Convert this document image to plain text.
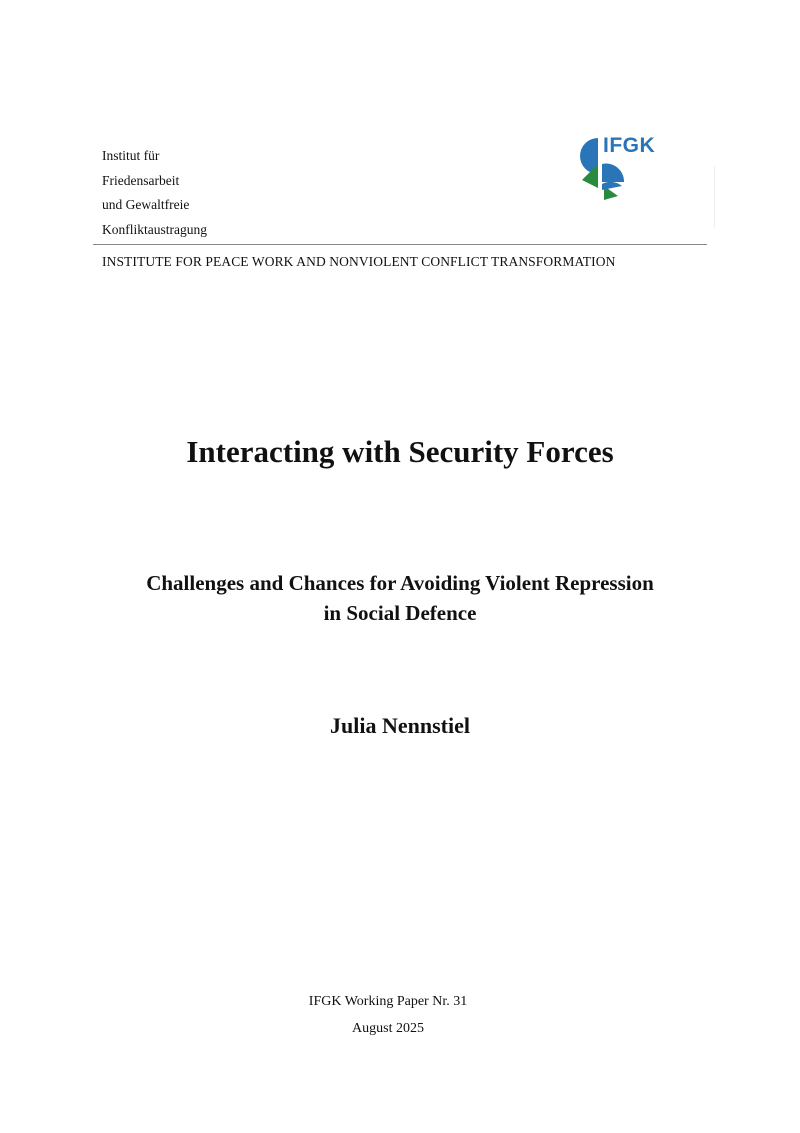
Institut für
Friedensarbeit
und Gewaltfreie
Konfliktaustragung
IFGK
INSTITUTE FOR PEACE WORK AND NONVIOLENT CONFLICT TRANSFORMATION
Interacting with Security Forces
Challenges and Chances for Avoiding Violent Repression
in Social Defence
Julia Nennstiel
IFGK Working Paper Nr. 31
August 2025
